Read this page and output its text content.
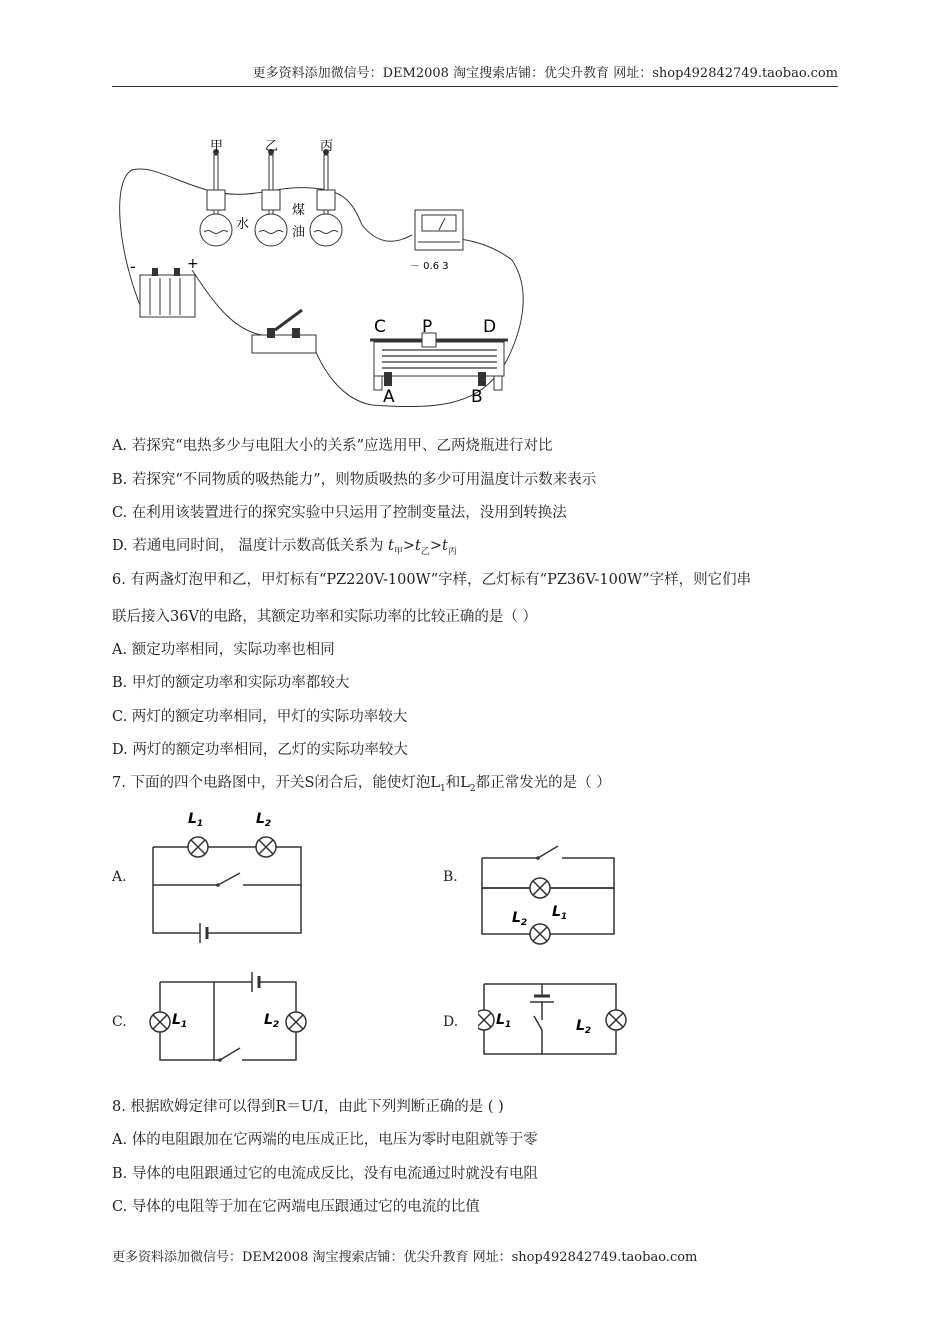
更多资料添加微信号：DEM2008 淘宝搜索店铺：优尖升教育 网址：shop492842749.taobao.com
甲	乙	丙
水
煤
油
-	+	－ 0.6 3
C P	D
A	B
A. 若探究“电热多少与电阻大小的关系”应选用甲、乙两烧瓶进行对比
B. 若探究“不同物质的吸热能力”，则物质吸热的多少可用温度计示数来表示
C. 在利用该装置进行的探究实验中只运用了控制变量法，没用到转换法
D. 若通电同时间， 温度计示数高低关系为 $t_甲>t_乙>t_丙$
6. 有两盏灯泡甲和乙，甲灯标有“PZ220V-100W”字样，乙灯标有“PZ36V-100W”字样，则它们串
联后接入36V的电路，其额定功率和实际功率的比较正确的是（ ）
A. 额定功率相同，实际功率也相同
B. 甲灯的额定功率和实际功率都较大
C. 两灯的额定功率相同，甲灯的实际功率较大
D. 两灯的额定功率相同，乙灯的实际功率较大
7. 下面的四个电路图中，开关S闭合后，能使灯泡$L_1$和$L_2$都正常发光的是（ ）
A.	B.
C.	D.
$L_1$	$L_2$
$L_2$
$L_1$
$L_1$	$L_2$	$L_1$	$L_2$
8. 根据欧姆定律可以得到R＝U/I，由此下列判断正确的是 ( )
A. 体的电阻跟加在它两端的电压成正比，电压为零时电阻就等于零
B. 导体的电阻跟通过它的电流成反比，没有电流通过时就没有电阻
C. 导体的电阻等于加在它两端电压跟通过它的电流的比值
更多资料添加微信号：DEM2008 淘宝搜索店铺：优尖升教育 网址：shop492842749.taobao.com
